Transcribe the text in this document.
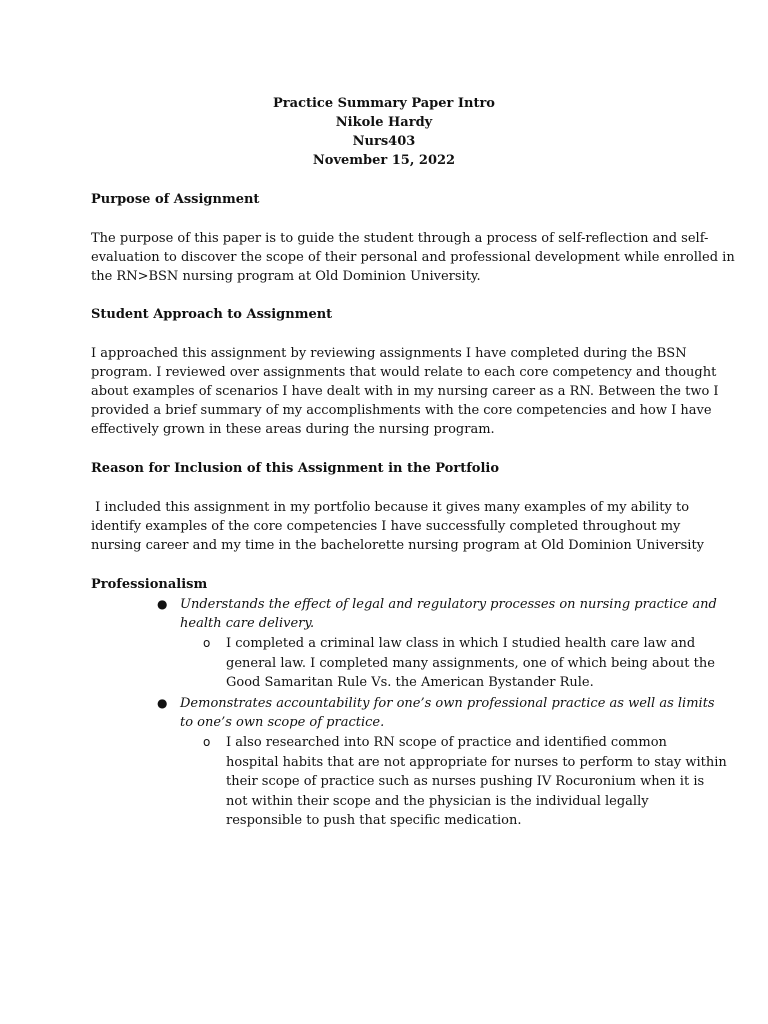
Practice Summary Paper Intro
Nikole Hardy
Nurs403
November 15, 2022
Purpose of Assignment
The purpose of this paper is to guide the student through a process of self-reflection and self-
evaluation to discover the scope of their personal and professional development while enrolled in
the RN>BSN nursing program at Old Dominion University.
Student Approach to Assignment
I approached this assignment by reviewing assignments I have completed during the BSN
program. I reviewed over assignments that would relate to each core competency and thought
about examples of scenarios I have dealt with in my nursing career as a RN. Between the two I
provided a brief summary of my accomplishments with the core competencies and how I have
effectively grown in these areas during the nursing program.
Reason for Inclusion of this Assignment in the Portfolio
I included this assignment in my portfolio because it gives many examples of my ability to
identify examples of the core competencies I have successfully completed throughout my
nursing career and my time in the bachelorette nursing program at Old Dominion University
Professionalism
● Understands the effect of legal and regulatory processes on nursing practice and
health care delivery.
o I completed a criminal law class in which I studied health care law and
general law. I completed many assignments, one of which being about the
Good Samaritan Rule Vs. the American Bystander Rule.
● Demonstrates accountability for one’s own professional practice as well as limits
to one’s own scope of practice.
o I also researched into RN scope of practice and identified common
hospital habits that are not appropriate for nurses to perform to stay within
their scope of practice such as nurses pushing IV Rocuronium when it is
not within their scope and the physician is the individual legally
responsible to push that specific medication.
